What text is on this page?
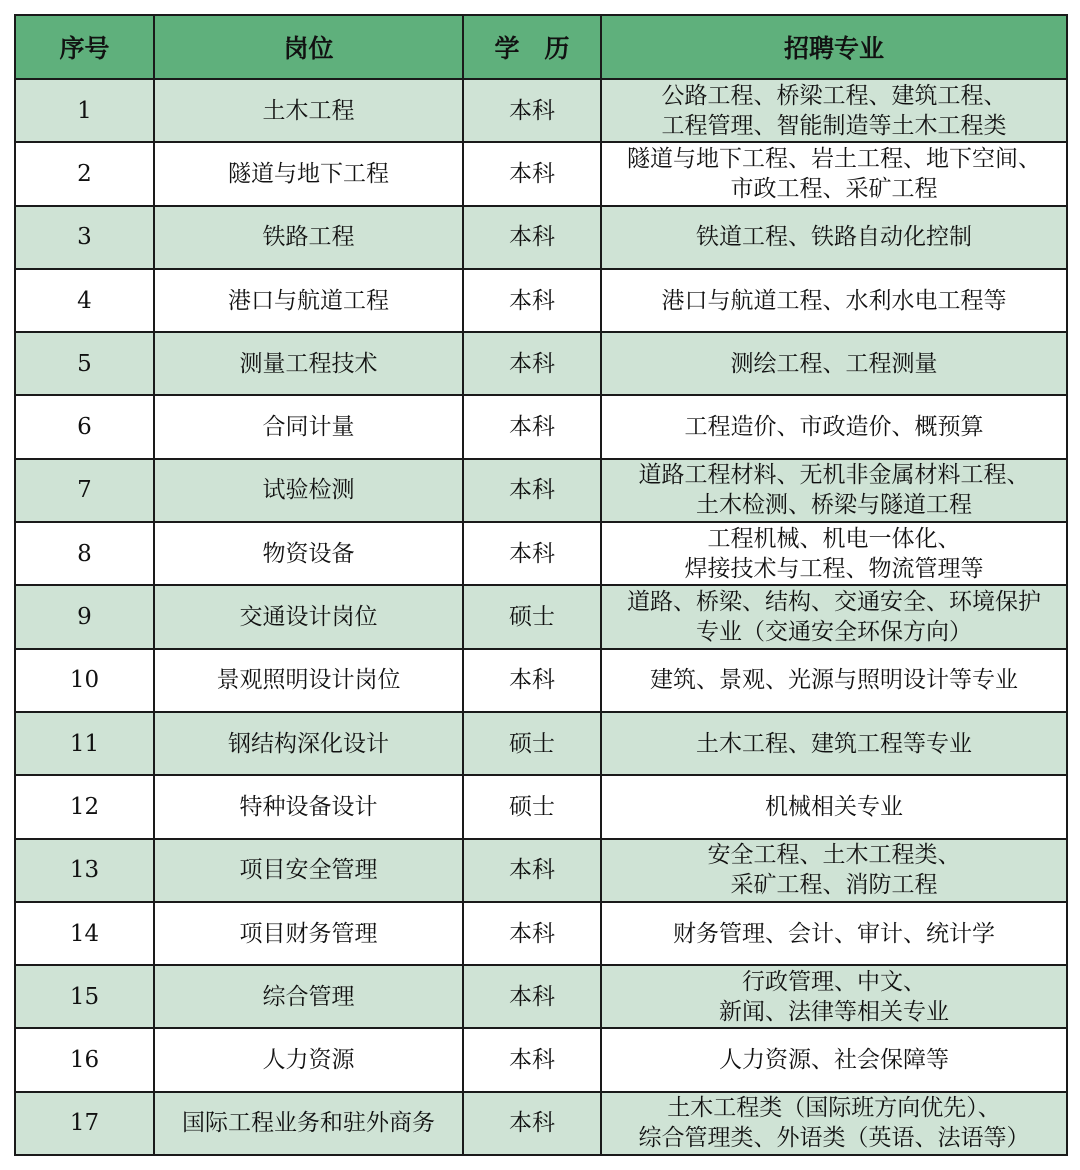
序号	岗位	学　历	招聘专业
1	土木工程	本科	公路工程、桥梁工程、建筑工程、
工程管理、智能制造等土木工程类

2	隧道与地下工程	本科	隧道与地下工程、岩土工程、地下空间、
市政工程、采矿工程

3	铁路工程	本科	铁道工程、铁路自动化控制

4	港口与航道工程	本科	港口与航道工程、水利水电工程等

5	测量工程技术	本科	测绘工程、工程测量

6	合同计量	本科	工程造价、市政造价、概预算

7	试验检测	本科	道路工程材料、无机非金属材料工程、
土木检测、桥梁与隧道工程

8	物资设备	本科	工程机械、机电一体化、
焊接技术与工程、物流管理等

9	交通设计岗位	硕士	道路、桥梁、结构、交通安全、环境保护
专业（交通安全环保方向）

10	景观照明设计岗位	本科	建筑、景观、光源与照明设计等专业

11	钢结构深化设计	硕士	土木工程、建筑工程等专业

12	特种设备设计	硕士	机械相关专业

13	项目安全管理	本科	安全工程、土木工程类、
采矿工程、消防工程

14	项目财务管理	本科	财务管理、会计、审计、统计学

15	综合管理	本科	行政管理、中文、
新闻、法律等相关专业

16	人力资源	本科	人力资源、社会保障等

17	国际工程业务和驻外商务	本科	土木工程类（国际班方向优先）、
综合管理类、外语类（英语、法语等）
